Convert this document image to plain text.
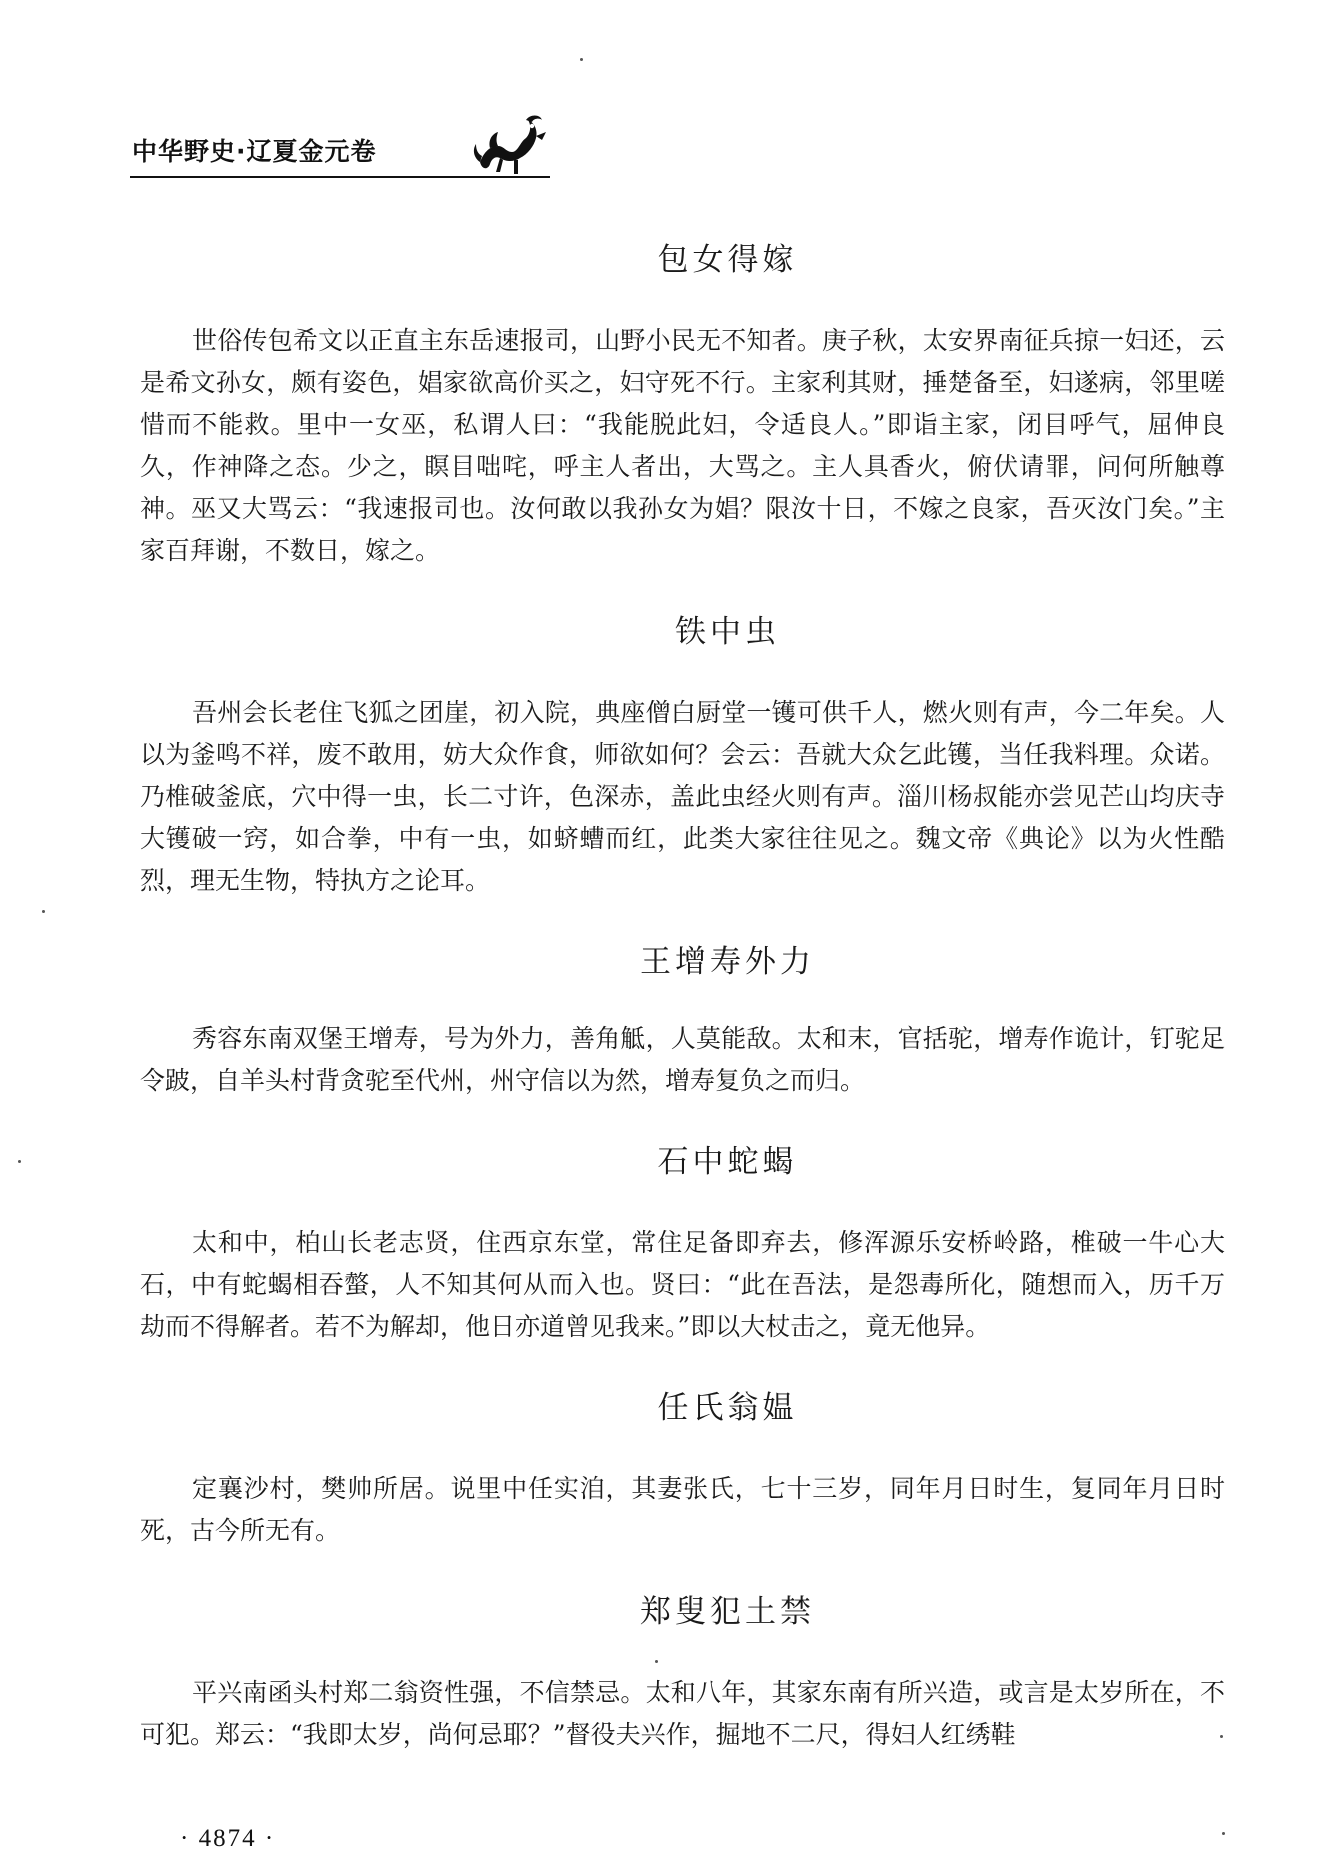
中华野史·辽夏金元卷
包女得嫁

世俗传包希文以正直主东岳速报司，山野小民无不知者。庚子秋，太安界南征兵掠一妇还，云是希文孙女，颇有姿色，娼家欲高价买之，妇守死不行。主家利其财，捶楚备至，妇遂病，邻里嗟惜而不能救。里中一女巫，私谓人曰：“我能脱此妇，令适良人。”即诣主家，闭目呼气，屈伸良久，作神降之态。少之，瞑目咄咤，呼主人者出，大骂之。主人具香火，俯伏请罪，问何所触尊神。巫又大骂云：“我速报司也。汝何敢以我孙女为娼？限汝十日，不嫁之良家，吾灭汝门矣。”主家百拜谢，不数日，嫁之。

铁中虫

吾州会长老住飞狐之团崖，初入院，典座僧白厨堂一镬可供千人，燃火则有声，今二年矣。人以为釜鸣不祥，废不敢用，妨大众作食，师欲如何？会云：吾就大众乞此镬，当任我料理。众诺。乃椎破釜底，穴中得一虫，长二寸许，色深赤，盖此虫经火则有声。淄川杨叔能亦尝见芒山均庆寺大镬破一窍，如合拳，中有一虫，如蛴螬而红，此类大家往往见之。魏文帝《典论》以为火性酷烈，理无生物，特执方之论耳。

王增寿外力

秀容东南双堡王增寿，号为外力，善角觝，人莫能敌。太和末，官括驼，增寿作诡计，钉驼足令跛，自羊头村背贪驼至代州，州守信以为然，增寿复负之而归。

石中蛇蝎

太和中，柏山长老志贤，住西京东堂，常住足备即弃去，修浑源乐安桥岭路，椎破一牛心大石，中有蛇蝎相吞螫，人不知其何从而入也。贤曰：“此在吾法，是怨毒所化，随想而入，历千万劫而不得解者。若不为解却，他日亦道曾见我来。”即以大杖击之，竟无他异。

任氏翁媪

定襄沙村，樊帅所居。说里中任实洎，其妻张氏，七十三岁，同年月日时生，复同年月日时死，古今所无有。

郑叟犯土禁

平兴南函头村郑二翁资性强，不信禁忌。太和八年，其家东南有所兴造，或言是太岁所在，不可犯。郑云：“我即太岁，尚何忌耶？”督役夫兴作，掘地不二尺，得妇人红绣鞋

· 4874 ·
